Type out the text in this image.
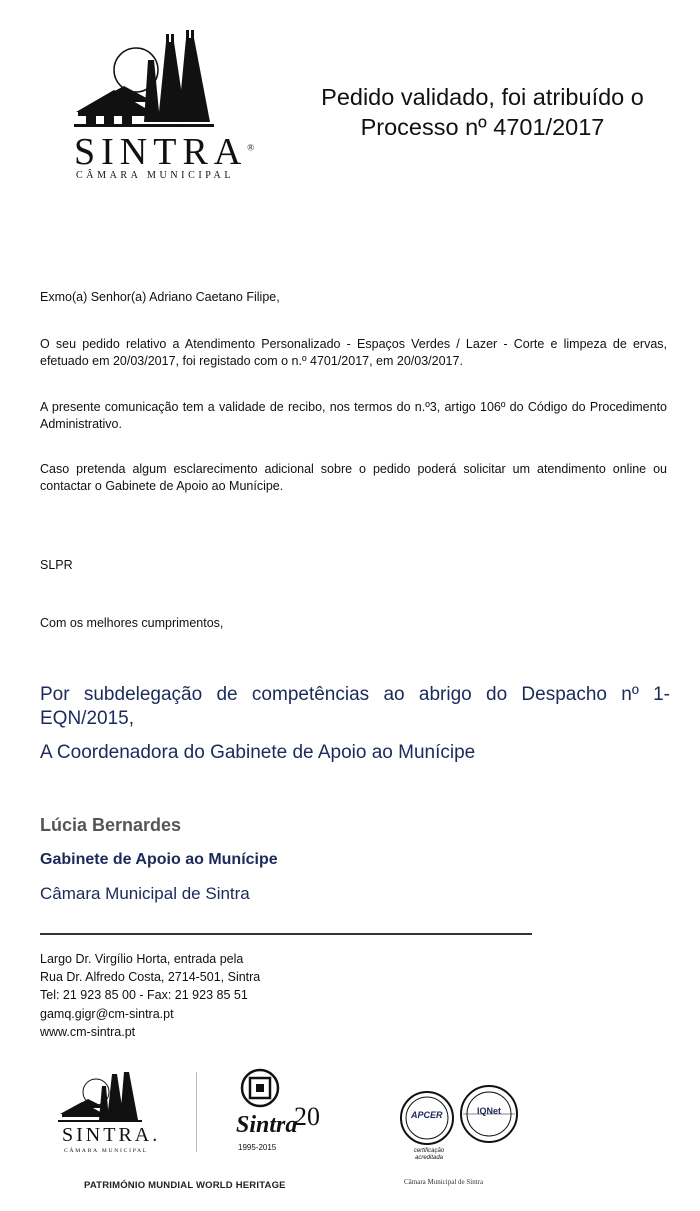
SINTRA®
CÂMARA MUNICIPAL
Pedido validado, foi atribuído o
Processo nº 4701/2017
Exmo(a) Senhor(a) Adriano Caetano Filipe,
O seu pedido relativo a Atendimento Personalizado - Espaços Verdes / Lazer - Corte e limpeza de ervas, efetuado em 20/03/2017, foi registado com o n.º 4701/2017, em 20/03/2017.
A presente comunicação tem a validade de recibo, nos termos do n.º3, artigo 106º do Código do Procedimento Administrativo.
Caso pretenda algum esclarecimento adicional sobre o pedido poderá solicitar um atendimento online ou contactar o Gabinete de Apoio ao Munícipe.
SLPR
Com os melhores cumprimentos,
Por subdelegação de competências ao abrigo do Despacho nº 1-EQN/2015,
A Coordenadora do Gabinete de Apoio ao Munícipe
Lúcia Bernardes
Gabinete de Apoio ao Munícipe
Câmara Municipal de Sintra
Largo Dr. Virgílio Horta, entrada pela
Rua Dr. Alfredo Costa, 2714-501, Sintra
Tel: 21 923 85 00 - Fax: 21 923 85 51
gamq.gigr@cm-sintra.pt
www.cm-sintra.pt
SINTRA.
CÂMARA MUNICIPAL
Sintra
20
1995-2015
PATRIMÓNIO MUNDIAL WORLD HERITAGE
APCER	IQNet
certificação acreditada
Câmara Municipal de Sintra
